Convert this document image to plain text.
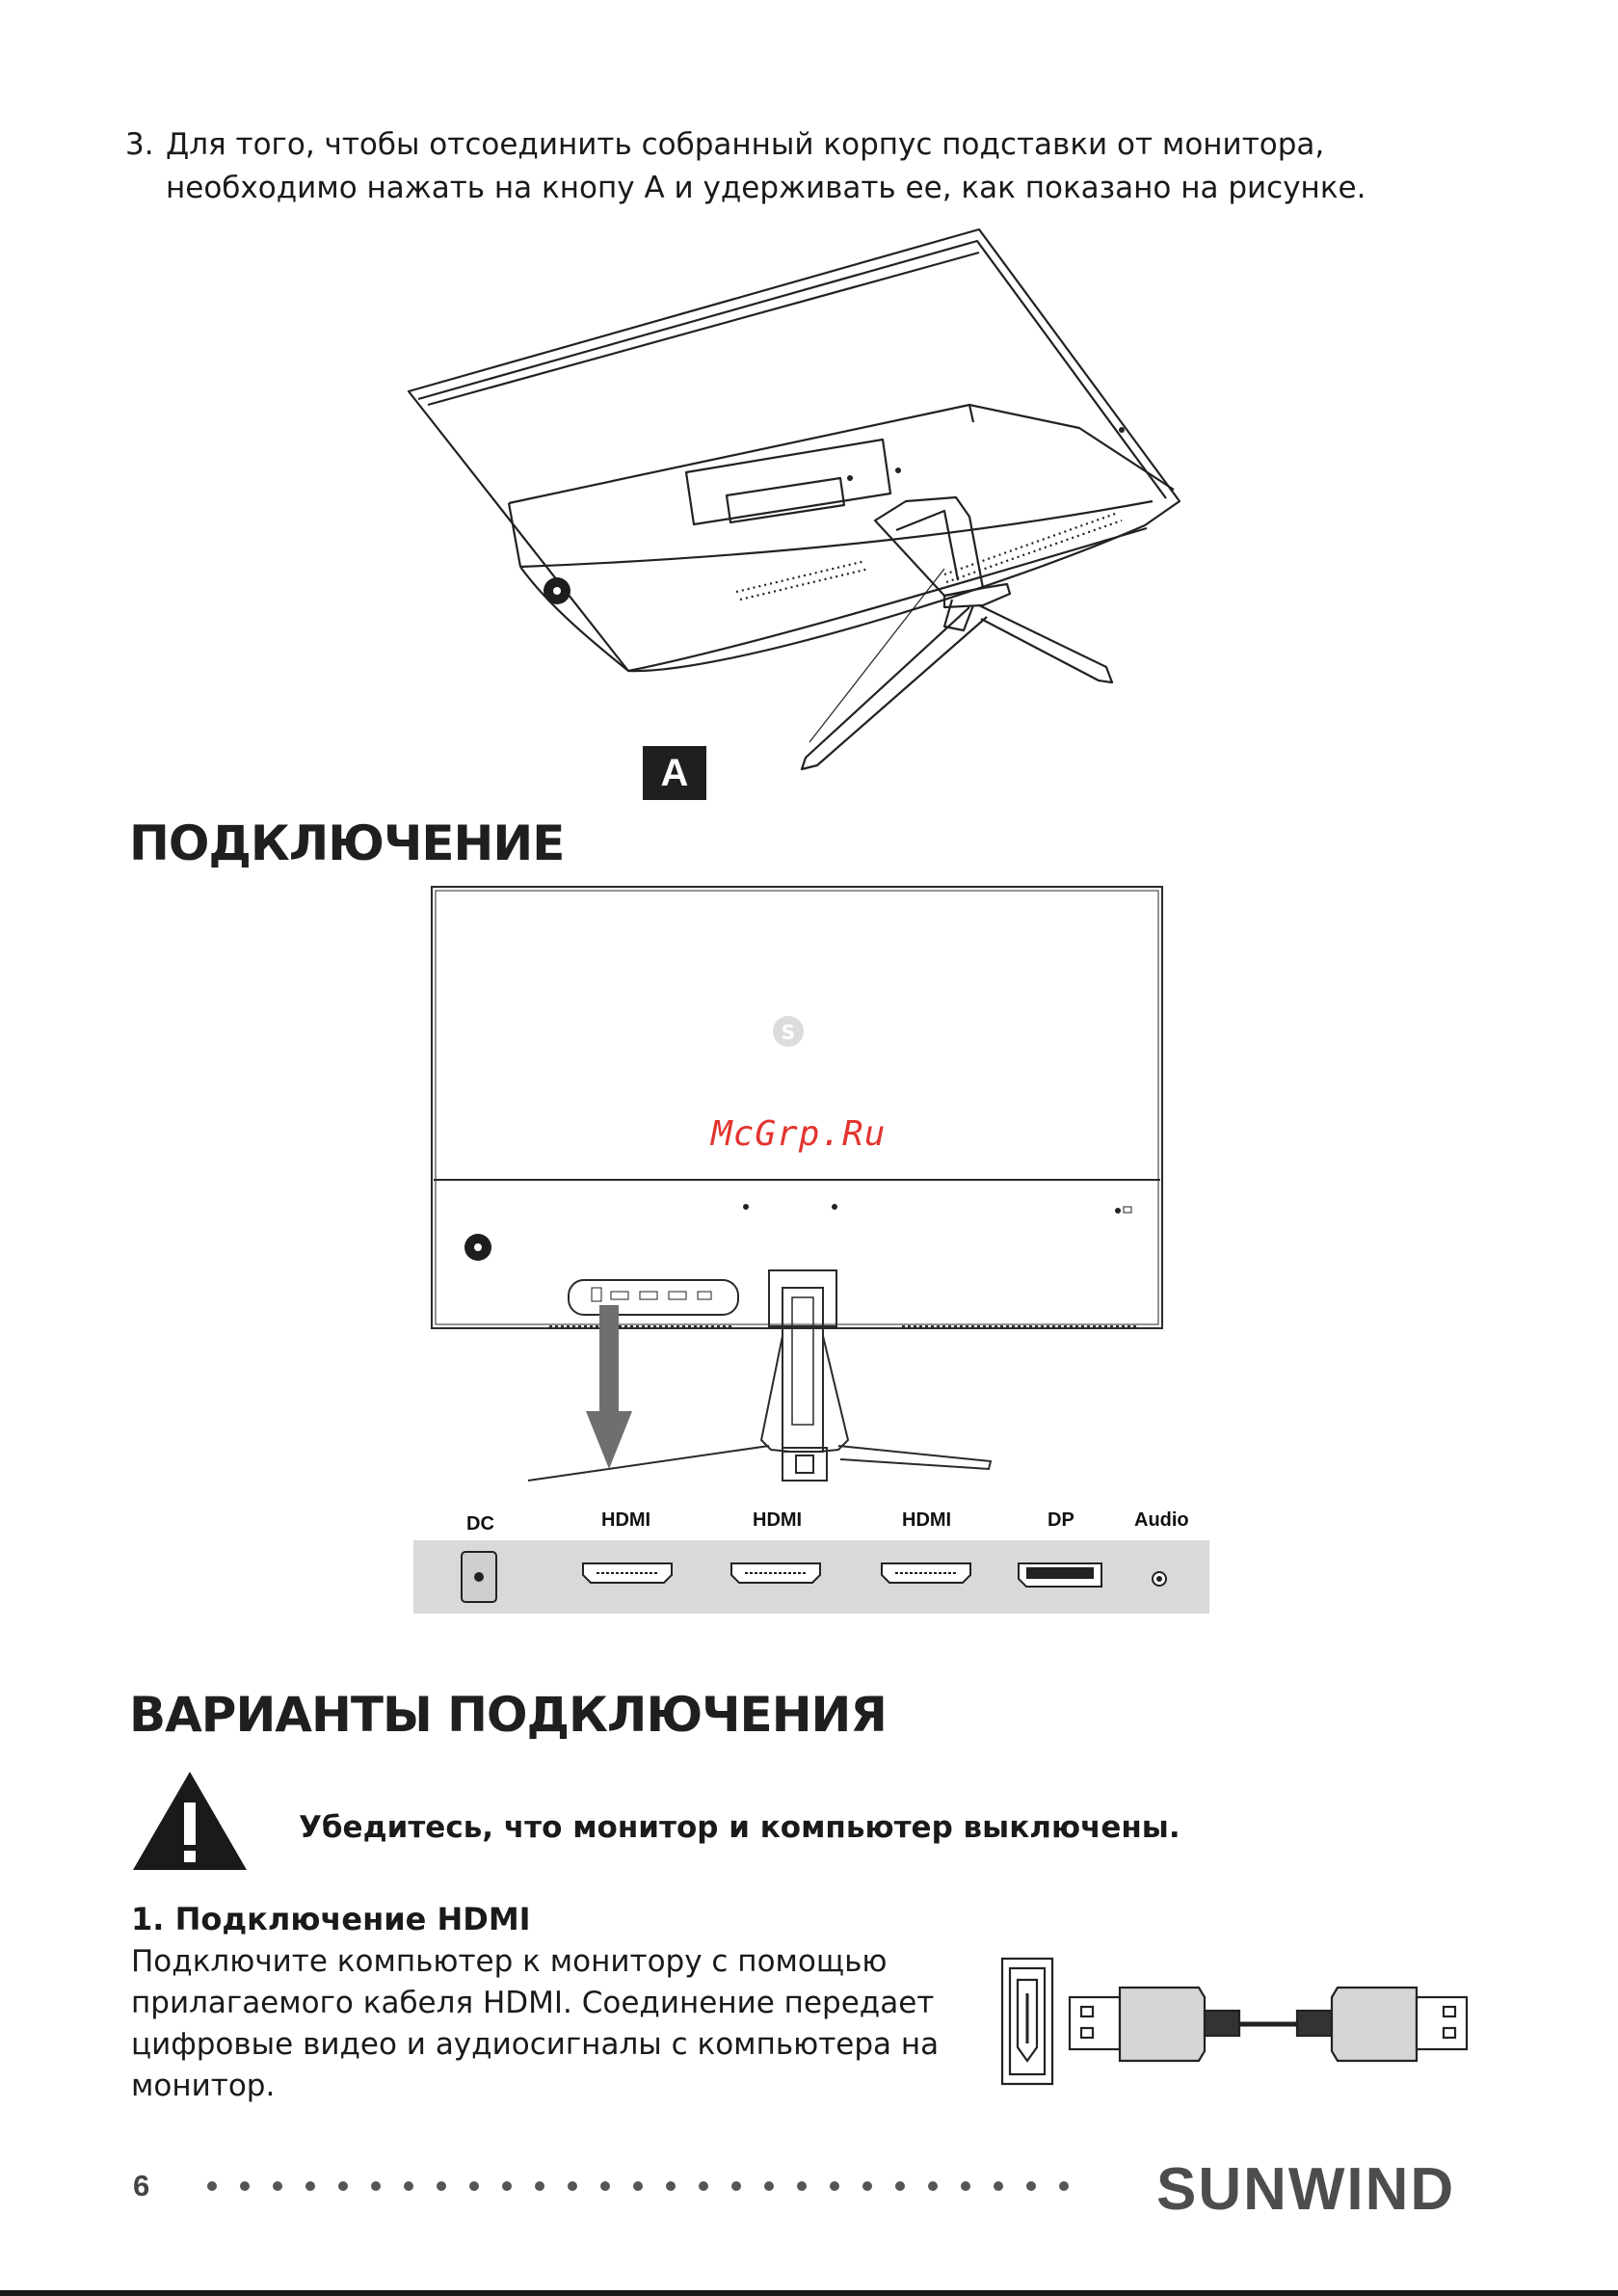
3. Для того, чтобы отсоединить собранный корпус подставки от монитора, необходимо нажать на кнопу А и удерживать ее, как показано на рисунке.
A
ПОДКЛЮЧЕНИЕ
S
McGrp.Ru
DC	HDMI	HDMI	HDMI	DP	Audio
ВАРИАНТЫ ПОДКЛЮЧЕНИЯ
Убедитесь, что монитор и компьютер выключены.
1. Подключение HDMI
Подключите компьютер к монитору с помощью прилагаемого кабеля HDMI. Соединение передает цифровые видео и аудиосигналы с компьютера на монитор.
6	SUNWIND
